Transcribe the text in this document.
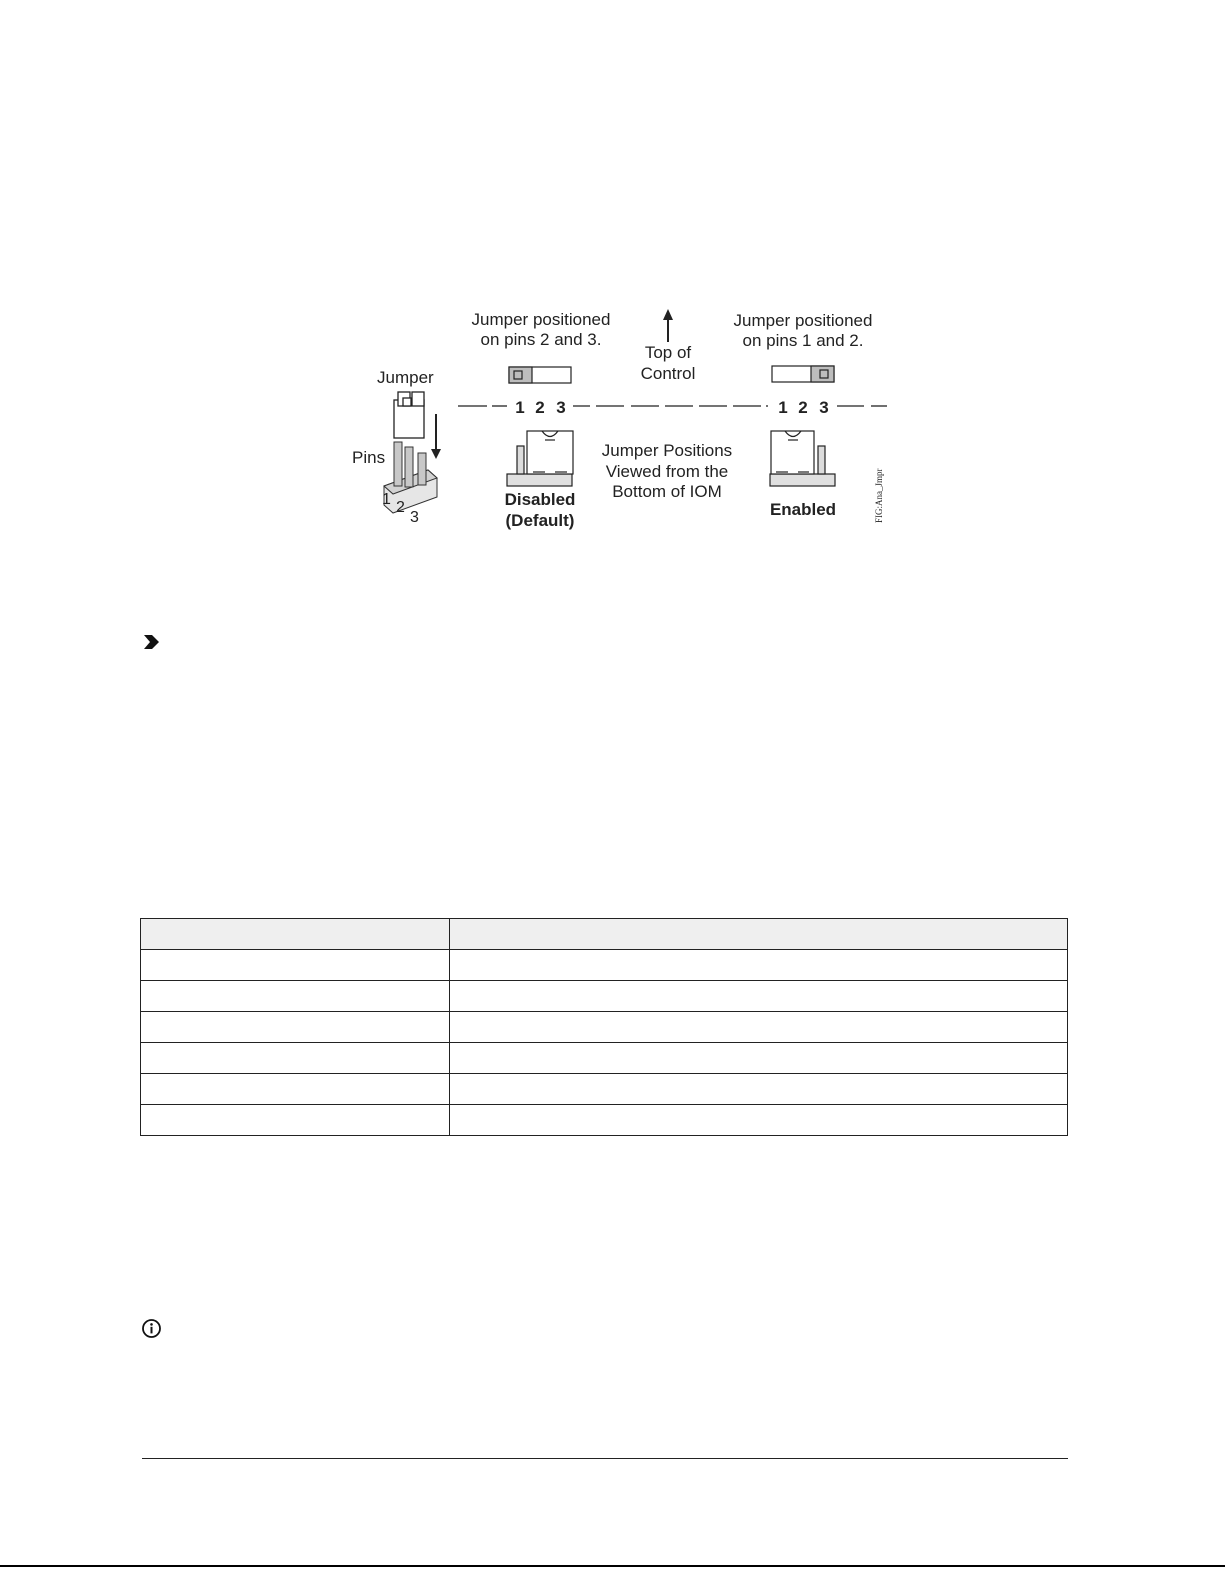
Jumper
Pins
1 2
3
Jumper positioned
on pins 2 and 3.
Jumper positioned
on pins 1 and 2.
Top of
Control
1 2 3	1 2 3
Jumper Positions
Viewed from the
Bottom of IOM
Disabled
(Default)
Enabled	FIG:Ana_Jmpr
